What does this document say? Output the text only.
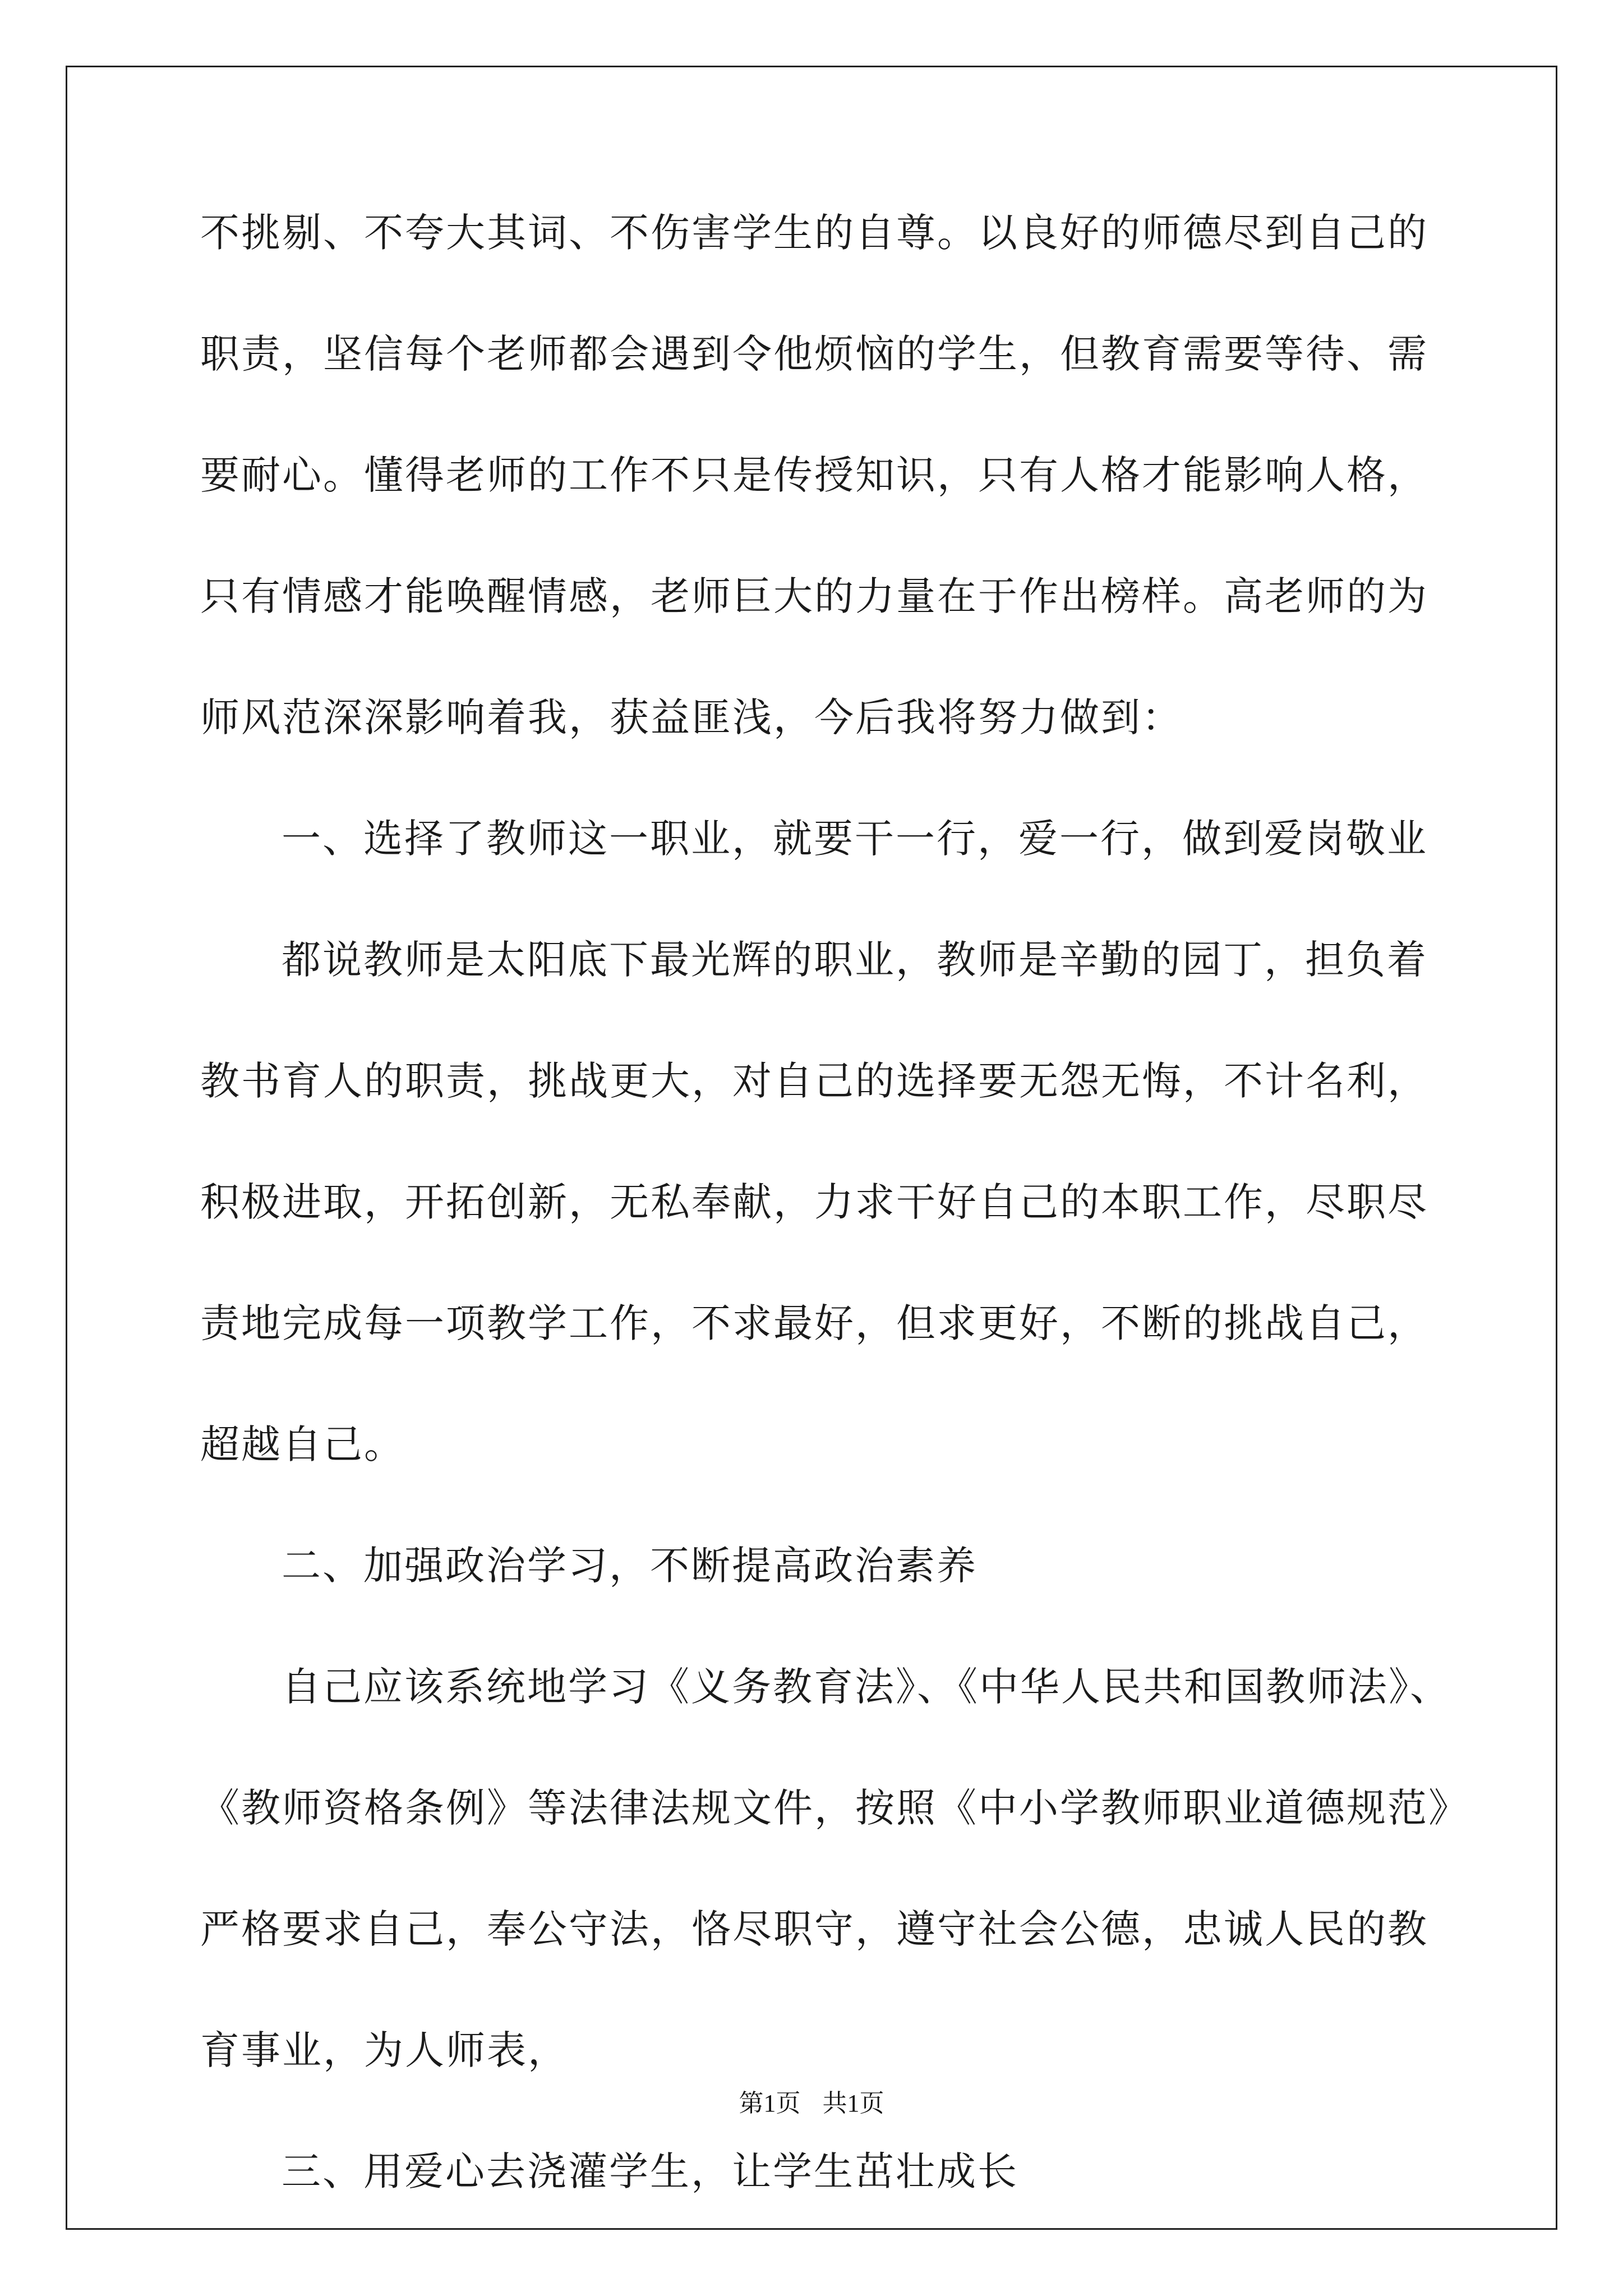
不挑剔、不夸大其词、不伤害学生的自尊。以良好的师德尽到自己的
职责，坚信每个老师都会遇到令他烦恼的学生，但教育需要等待、需
要耐心。懂得老师的工作不只是传授知识，只有人格才能影响人格，
只有情感才能唤醒情感，老师巨大的力量在于作出榜样。高老师的为
师风范深深影响着我，获益匪浅，今后我将努力做到：
一、选择了教师这一职业，就要干一行，爱一行，做到爱岗敬业
都说教师是太阳底下最光辉的职业，教师是辛勤的园丁，担负着
教书育人的职责，挑战更大，对自己的选择要无怨无悔，不计名利，
积极进取，开拓创新，无私奉献，力求干好自己的本职工作，尽职尽
责地完成每一项教学工作，不求最好，但求更好，不断的挑战自己，
超越自己。
二、加强政治学习，不断提高政治素养
自己应该系统地学习《义务教育法》、《中华人民共和国教师法》、
《教师资格条例》等法律法规文件，按照《中小学教师职业道德规范》
严格要求自己，奉公守法，恪尽职守，遵守社会公德，忠诚人民的教
育事业，为人师表，
三、用爱心去浇灌学生，让学生茁壮成长
第1页 共1页
